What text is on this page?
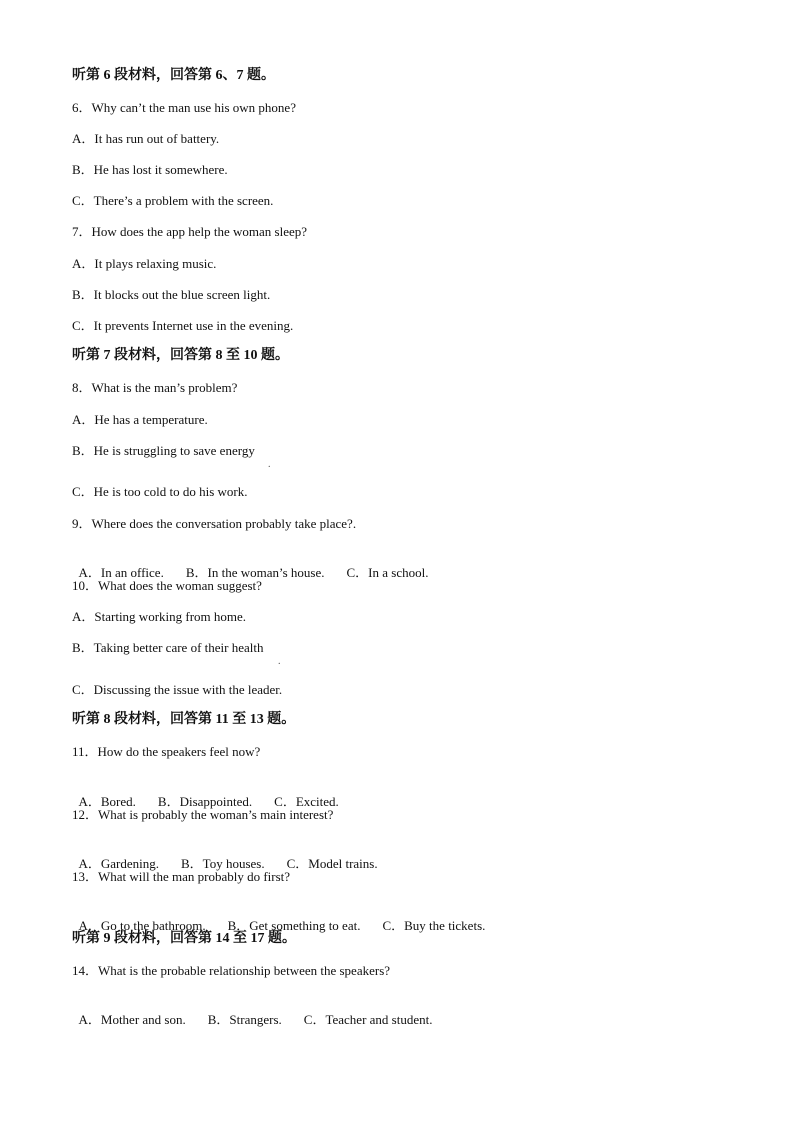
听第 6 段材料，回答第 6、7 题。
6．Why can’t the man use his own phone?
A．It has run out of battery.
B．He has lost it somewhere.
C．There’s a problem with the screen.
7．How does the app help the woman sleep?
A．It plays relaxing music.
B．It blocks out the blue screen light.
C．It prevents Internet use in the evening.
听第 7 段材料，回答第 8 至 10 题。
8．What is the man’s problem?
A．He has a temperature.
B．He is struggling to save energy
.
C．He is too cold to do his work.
9．Where does the conversation probably take place?.

A．In an office. B．In the woman’s house. C．In a school.

10．What does the woman suggest?
A．Starting working from home.
B．Taking better care of their health
.
C．Discussing the issue with the leader.
听第 8 段材料，回答第 11 至 13 题。
11．How do the speakers feel now?

A．Bored. B．Disappointed. C．Excited.

12．What is probably the woman’s main interest?

A．Gardening. B．Toy houses. C．Model trains.

13．What will the man probably do first?

A．Go to the bathroom. B．Get something to eat. C．Buy the tickets.

听第 9 段材料，回答第 14 至 17 题。
14．What is the probable relationship between the speakers?

A．Mother and son. B．Strangers. C．Teacher and student.
